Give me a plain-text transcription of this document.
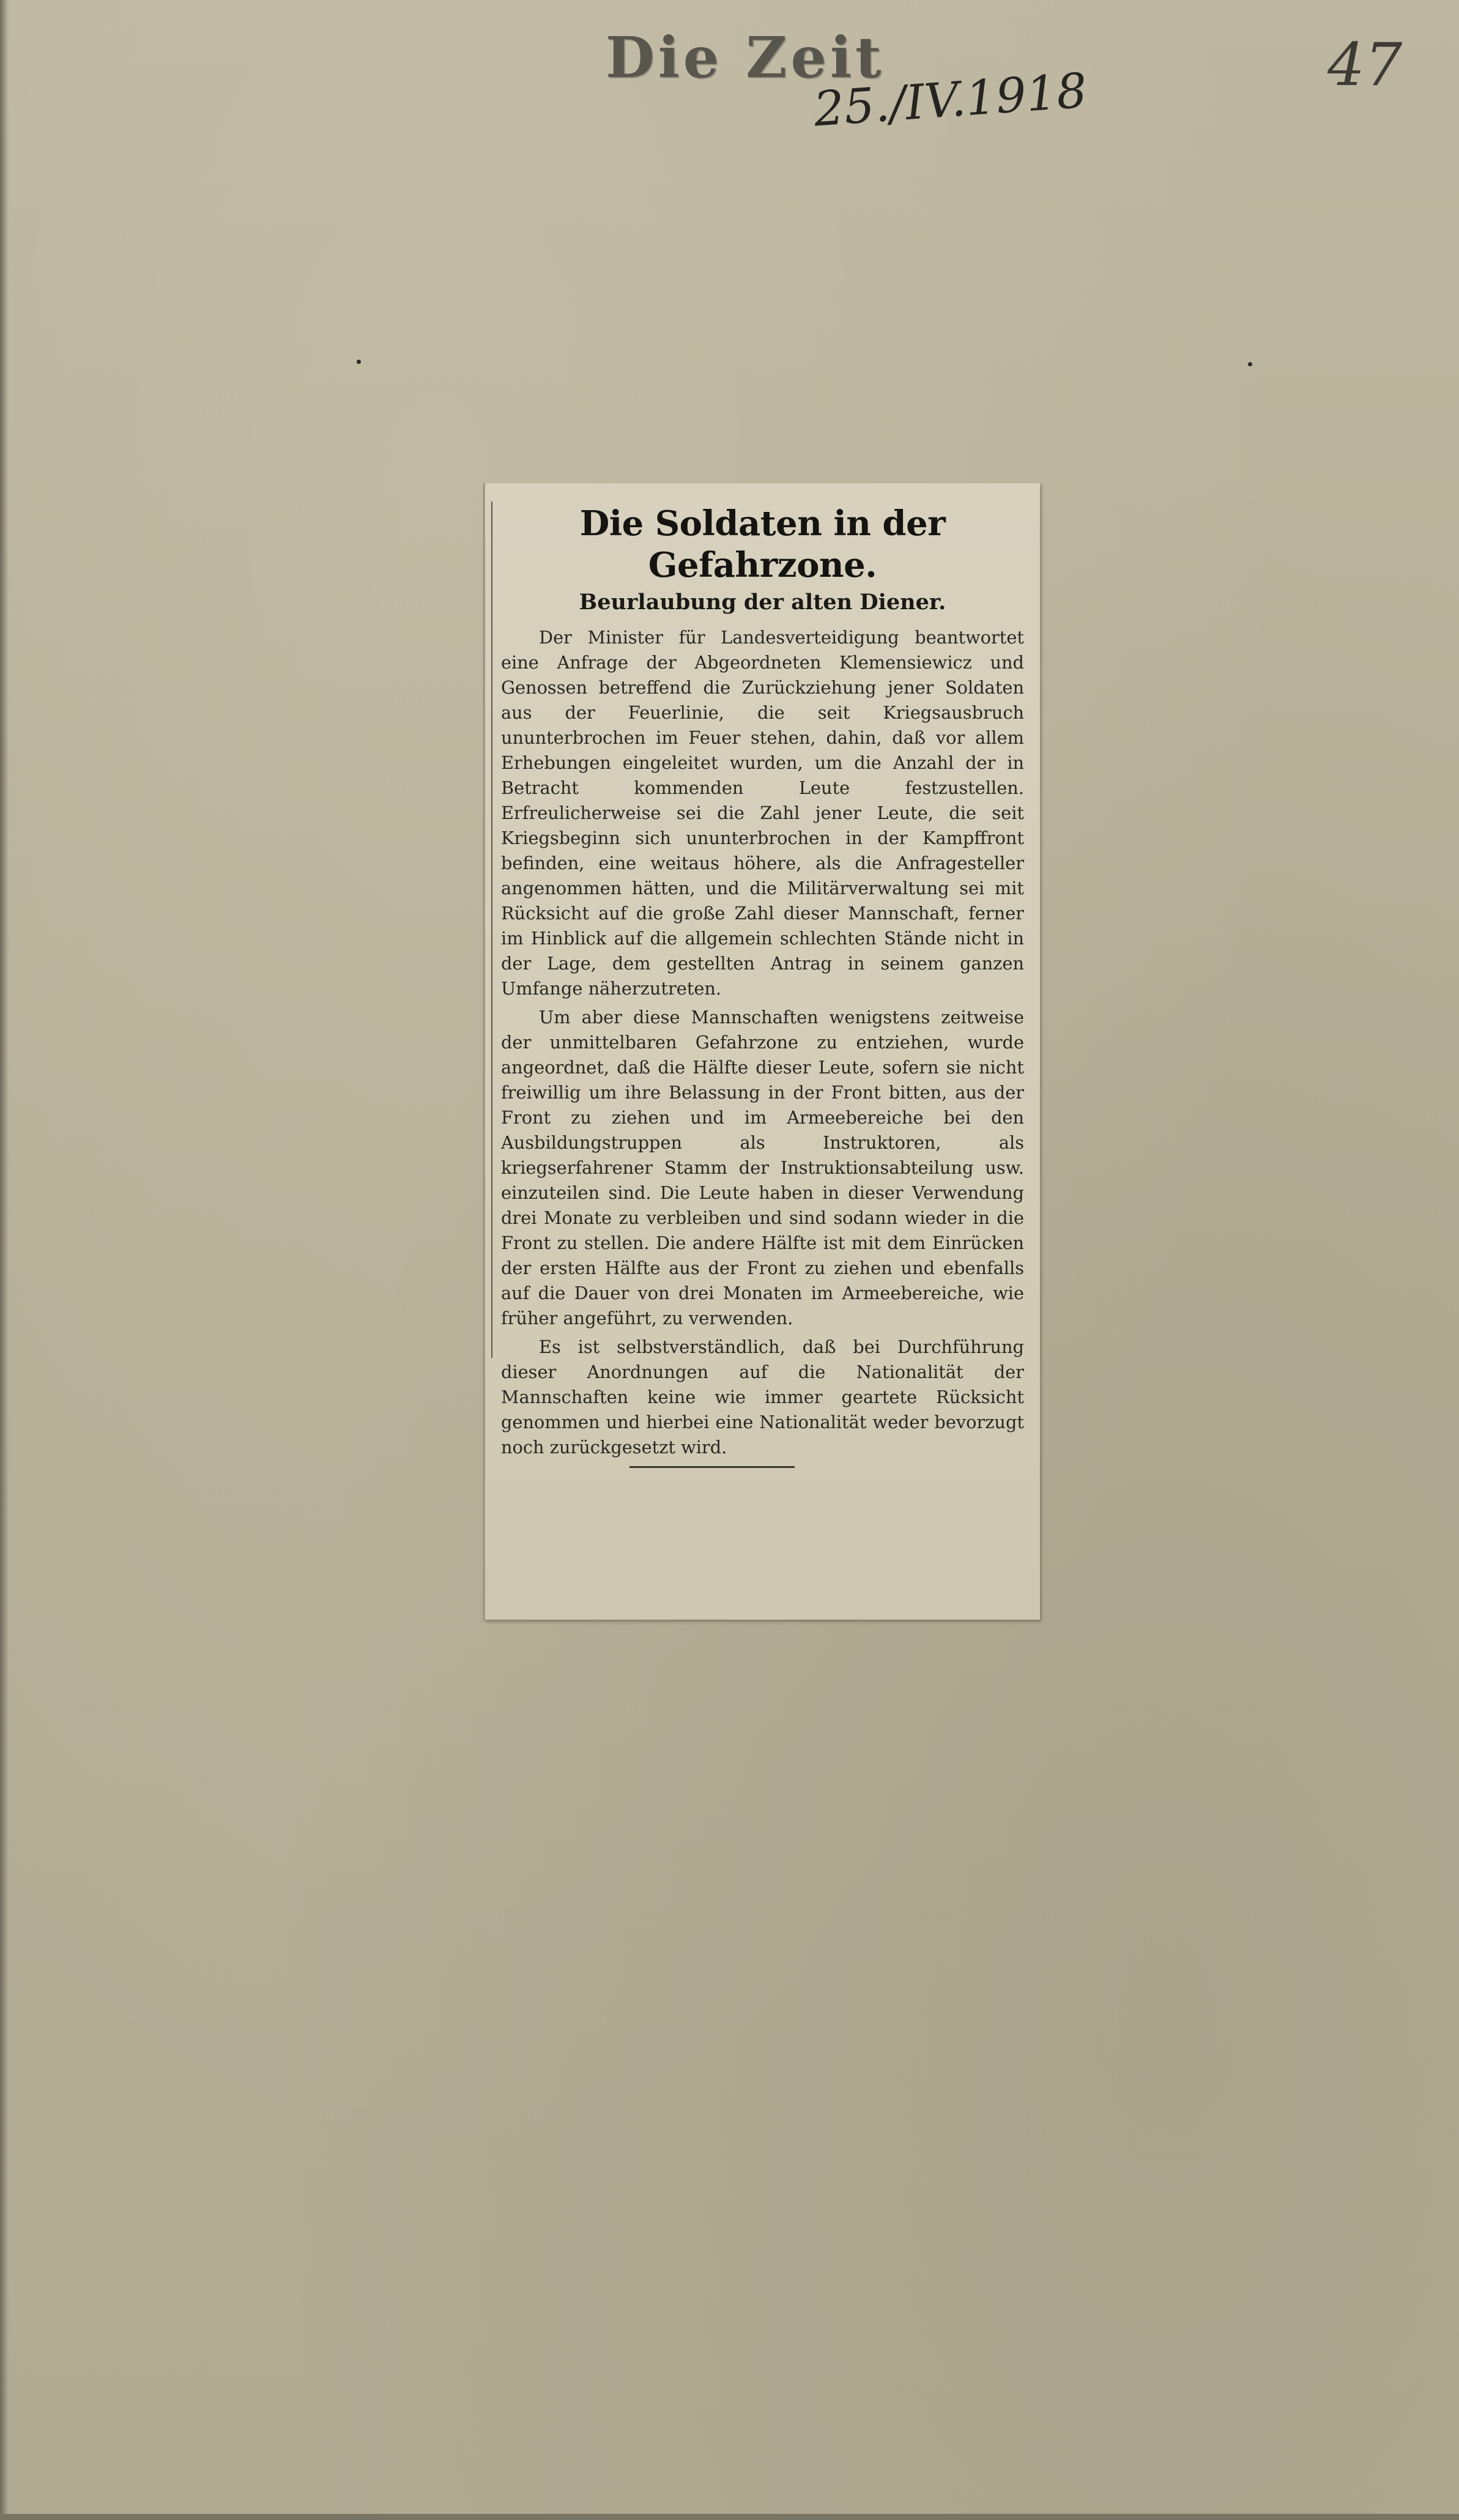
Die Zeit
25./IV.1918	47
Die Soldaten in der Gefahrzone.
Beurlaubung der alten Diener.

Der Minister für Landesverteidigung beantwortet eine Anfrage der Abgeordneten Klemensiewicz und Genossen betreffend die Zurückziehung jener Soldaten aus der Feuerlinie, die seit Kriegsausbruch ununterbrochen im Feuer stehen, dahin, daß vor allem Erhebungen eingeleitet wurden, um die Anzahl der in Betracht kommenden Leute festzustellen. Erfreulicherweise sei die Zahl jener Leute, die seit Kriegsbeginn sich ununterbrochen in der Kampffront befinden, eine weitaus höhere, als die Anfragesteller angenommen hätten, und die Militärverwaltung sei mit Rücksicht auf die große Zahl dieser Mannschaft, ferner im Hinblick auf die allgemein schlechten Stände nicht in der Lage, dem gestellten Antrag in seinem ganzen Umfange näherzutreten.

Um aber diese Mannschaften wenigstens zeitweise der unmittelbaren Gefahrzone zu entziehen, wurde angeordnet, daß die Hälfte dieser Leute, sofern sie nicht freiwillig um ihre Belassung in der Front bitten, aus der Front zu ziehen und im Armeebereiche bei den Ausbildungstruppen als Instruktoren, als kriegserfahrener Stamm der Instruktionsabteilung usw. einzuteilen sind. Die Leute haben in dieser Verwendung drei Monate zu verbleiben und sind sodann wieder in die Front zu stellen. Die andere Hälfte ist mit dem Einrücken der ersten Hälfte aus der Front zu ziehen und ebenfalls auf die Dauer von drei Monaten im Armeebereiche, wie früher angeführt, zu verwenden.

Es ist selbstverständlich, daß bei Durchführung dieser Anordnungen auf die Nationalität der Mannschaften keine wie immer geartete Rücksicht genommen und hierbei eine Nationalität weder bevorzugt noch zurückgesetzt wird.
